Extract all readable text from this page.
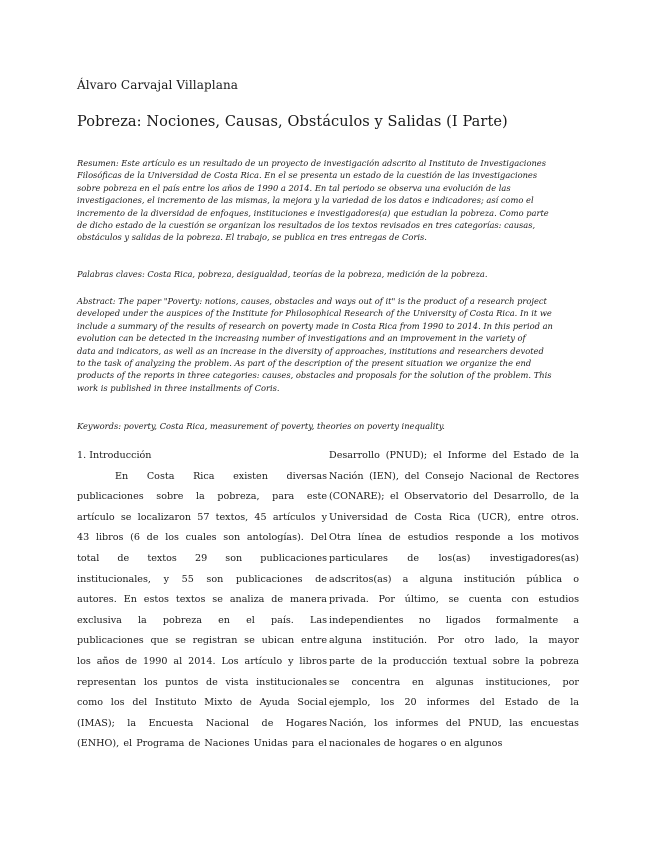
Álvaro Carvajal Villaplana
Pobreza: Nociones, Causas, Obstáculos y Salidas (I Parte)

Resumen: Este artículo es un resultado de un proyecto de investigación adscrito al Instituto de Investigaciones

Filosóficas de la Universidad de Costa Rica. En el se presenta un estado de la cuestión de las investigaciones

sobre pobreza en el país entre los años de 1990 a 2014. En tal periodo se observa una evolución de las

investigaciones, el incremento de las mismas, la mejora y la variedad de los datos e indicadores; así como el

incremento de la diversidad de enfoques, instituciones e investigadores(a) que estudian la pobreza. Como parte

de dicho estado de la cuestión se organizan los resultados de los textos revisados en tres categorías: causas,

obstáculos y salidas de la pobreza. El trabajo, se publica en tres entregas de Coris.

Palabras claves: Costa Rica, pobreza, desigualdad, teorías de la pobreza, medición de la pobreza.

Abstract: The paper "Poverty: notions, causes, obstacles and ways out of it" is the product of a research project

developed under the auspices of the Institute for Philosophical Research of the University of Costa Rica. In it we

include a summary of the results of research on poverty made in Costa Rica from 1990 to 2014. In this period an

evolution can be detected in the increasing number of investigations and an improvement in the variety of

data and indicators, as well as an increase in the diversity of approaches, institutions and researchers devoted

to the task of analyzing the problem. As part of the description of the present situation we organize the end

products of the reports in three categories: causes, obstacles and proposals for the solution of the problem. This

work is published in three installments of Coris.

Keywords: poverty, Costa Rica, measurement of poverty, theories on poverty inequality.

1. Introducción

En Costa Rica existen diversas

publicaciones sobre la pobreza, para este

artículo se localizaron 57 textos, 45 artículos y

43 libros (6 de los cuales son antologías). Del

total de textos 29 son publicaciones

institucionales, y 55 son publicaciones de

autores. En estos textos se analiza de manera

exclusiva la pobreza en el país. Las

publicaciones que se registran se ubican entre

los años de 1990 al 2014. Los artículo y libros

representan los puntos de vista institucionales

como los del Instituto Mixto de Ayuda Social

(IMAS); la Encuesta Nacional de Hogares

(ENHO), el Programa de Naciones Unidas para el

Desarrollo (PNUD); el Informe del Estado de la

Nación (IEN), del Consejo Nacional de Rectores

(CONARE); el Observatorio del Desarrollo, de la

Universidad de Costa Rica (UCR), entre otros.

Otra línea de estudios responde a los motivos

particulares de los(as) investigadores(as)

adscritos(as) a alguna institución pública o

privada. Por último, se cuenta con estudios

independientes no ligados formalmente a

alguna institución. Por otro lado, la mayor

parte de la producción textual sobre la pobreza

se concentra en algunas instituciones, por

ejemplo, los 20 informes del Estado de la

Nación, los informes del PNUD, las encuestas

nacionales de hogares o en algunos
